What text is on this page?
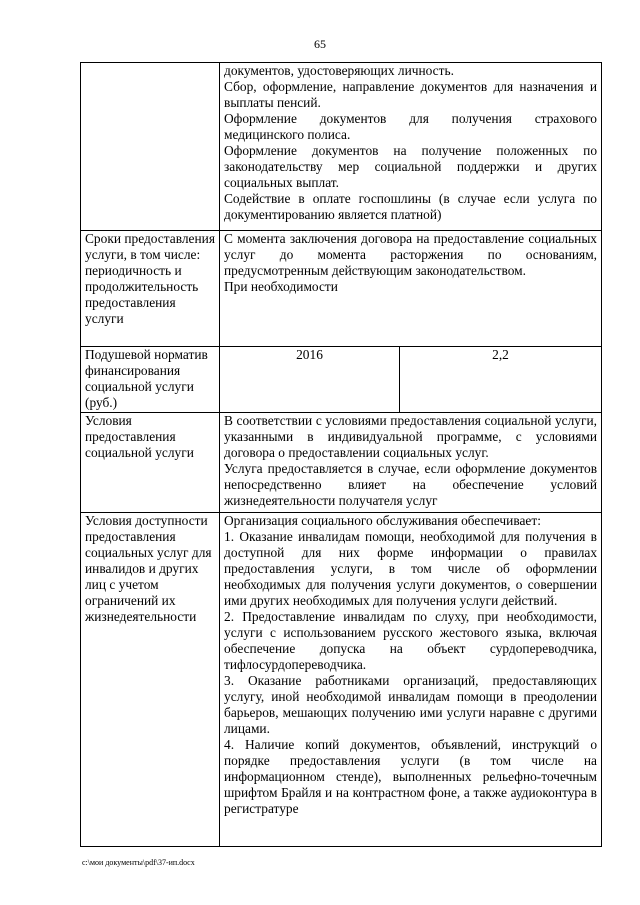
65

	документов, удостоверяющих личность.

Сбор, оформление, направление документов для назначения и выплаты пенсий.

Оформление документов для получения страхового медицинского полиса.

Оформление документов на получение положенных по законодательству мер социальной поддержки и других социальных выплат.

Содействие в оплате госпошлины (в случае если услуга по документированию является платной)	

Сроки предоставления услуги, в том числе: периодичность и продолжительность предоставления услуги	С момента заключения договора на предоставление социальных услуг до момента расторжения по основаниям, предусмотренным действующим законодательством.

При необходимости	

Подушевой норматив финансирования социальной услуги (руб.)	2016	2,2
Условия предоставления социальной услуги	В соответствии с условиями предоставления социальной услуги, указанными в индивидуальной программе, с условиями договора о предоставлении социальных услуг.

Услуга предоставляется в случае, если оформление документов непосредственно влияет на обеспечение условий жизнедеятельности получателя услуг	

Условия доступности предоставления социальных услуг для инвалидов и других лиц с учетом ограничений их жизнедеятельности	Организация социального обслуживания обеспечивает:

1. Оказание инвалидам помощи, необходимой для получения в доступной для них форме информации о правилах предоставления услуги, в том числе об оформлении необходимых для получения услуги документов, о совершении ими других необходимых для получения услуги действий.

2. Предоставление инвалидам по слуху, при необходимости, услуги с использованием русского жестового языка, включая обеспечение допуска на объект сурдопереводчика, тифлосурдопереводчика.

3. Оказание работниками организаций, предоставляющих услугу, иной необходимой инвалидам помощи в преодолении барьеров, мешающих получению ими услуги наравне с другими лицами.

4. Наличие копий документов, объявлений, инструкций о порядке предоставления услуги (в том числе на информационном стенде), выполненных рельефно-точечным шрифтом Брайля и на контрастном фоне, а также аудиоконтура в регистратуре	

c:\мои документы\pdf\37-ип.docx
